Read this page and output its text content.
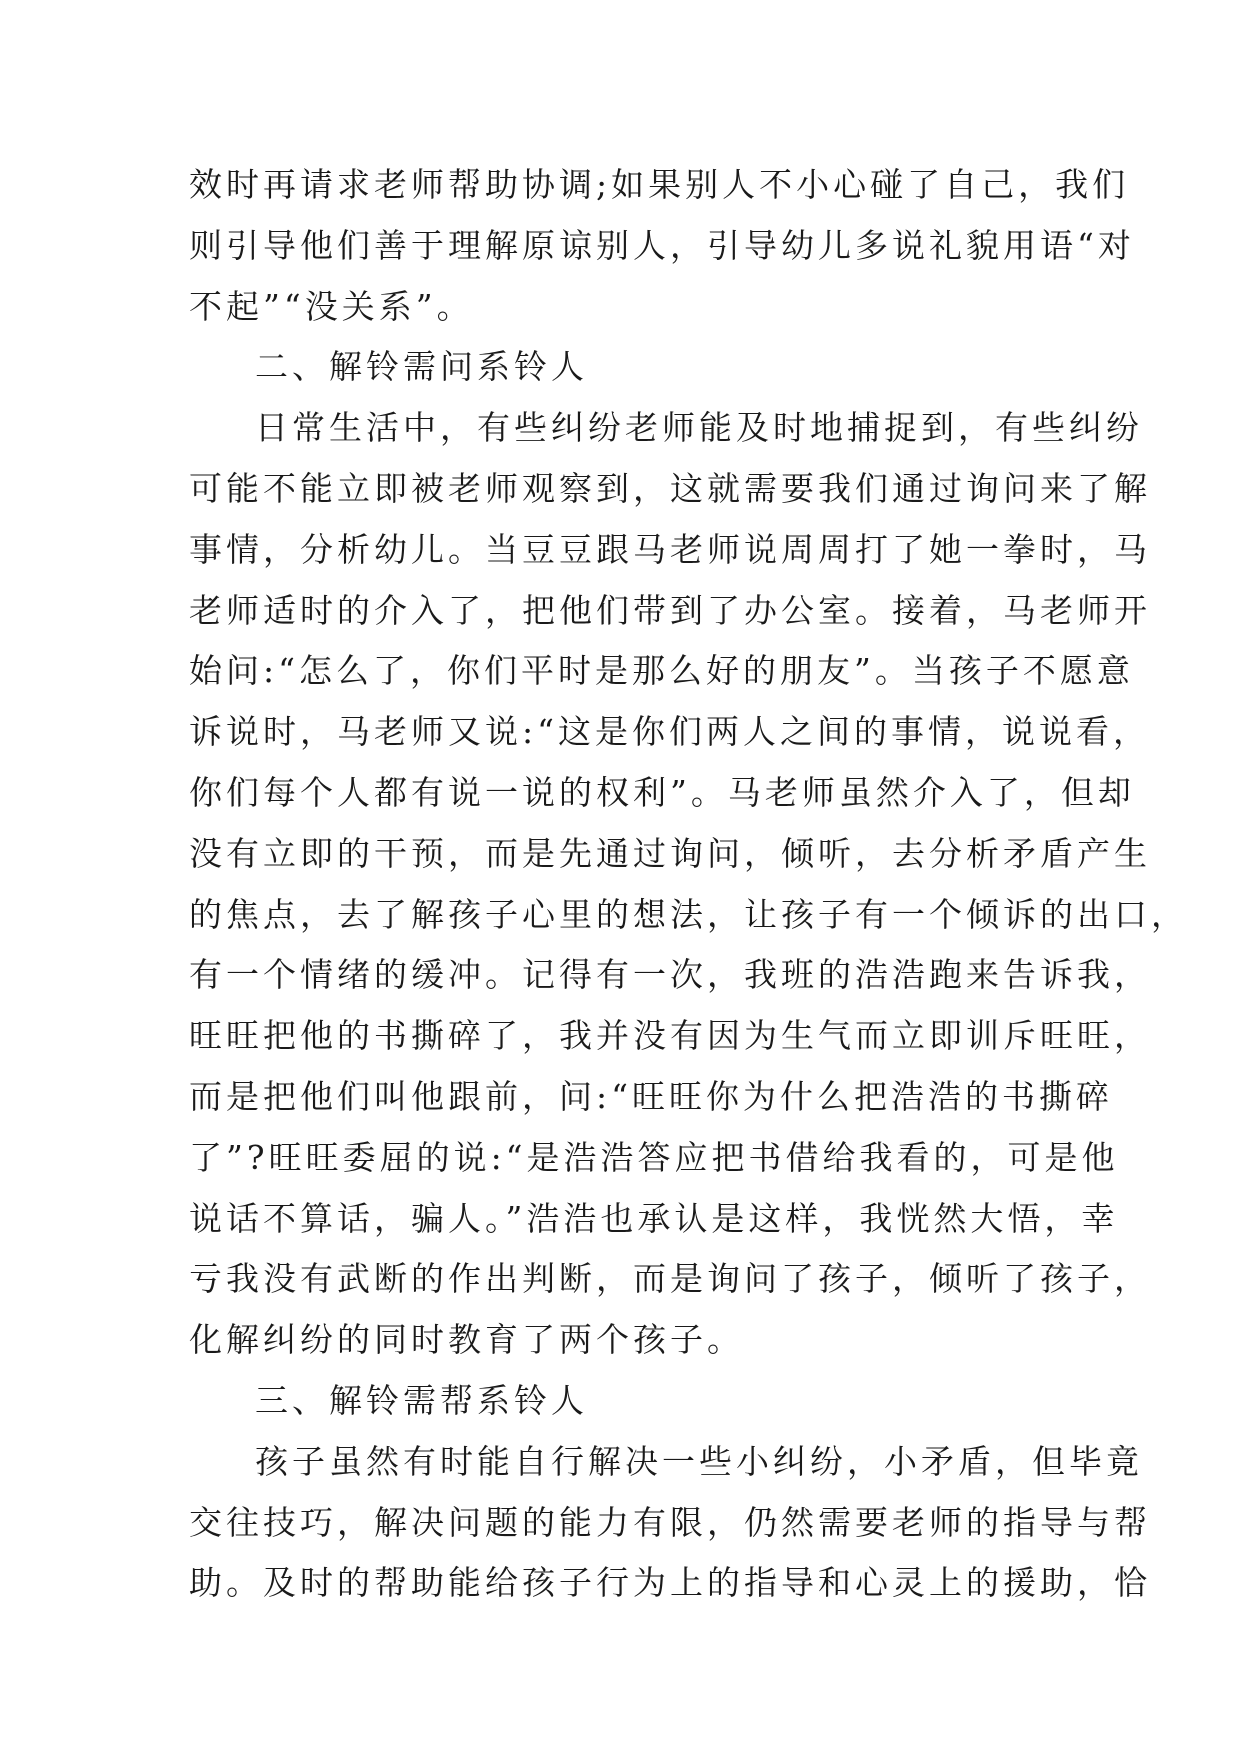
效时再请求老师帮助协调;如果别人不小心碰了自己，我们
则引导他们善于理解原谅别人，引导幼儿多说礼貌用语“对
不起”“没关系”。
二、解铃需问系铃人
日常生活中，有些纠纷老师能及时地捕捉到，有些纠纷
可能不能立即被老师观察到，这就需要我们通过询问来了解
事情，分析幼儿。当豆豆跟马老师说周周打了她一拳时，马
老师适时的介入了，把他们带到了办公室。接着，马老师开
始问:“怎么了，你们平时是那么好的朋友”。当孩子不愿意
诉说时，马老师又说:“这是你们两人之间的事情，说说看，
你们每个人都有说一说的权利”。马老师虽然介入了，但却
没有立即的干预，而是先通过询问，倾听，去分析矛盾产生
的焦点，去了解孩子心里的想法，让孩子有一个倾诉的出口，
有一个情绪的缓冲。记得有一次，我班的浩浩跑来告诉我，
旺旺把他的书撕碎了，我并没有因为生气而立即训斥旺旺，
而是把他们叫他跟前，问:“旺旺你为什么把浩浩的书撕碎
了”?旺旺委屈的说:“是浩浩答应把书借给我看的，可是他
说话不算话，骗人。”浩浩也承认是这样，我恍然大悟，幸
亏我没有武断的作出判断，而是询问了孩子，倾听了孩子，
化解纠纷的同时教育了两个孩子。
三、解铃需帮系铃人
孩子虽然有时能自行解决一些小纠纷，小矛盾，但毕竟
交往技巧，解决问题的能力有限，仍然需要老师的指导与帮
助。及时的帮助能给孩子行为上的指导和心灵上的援助，恰
